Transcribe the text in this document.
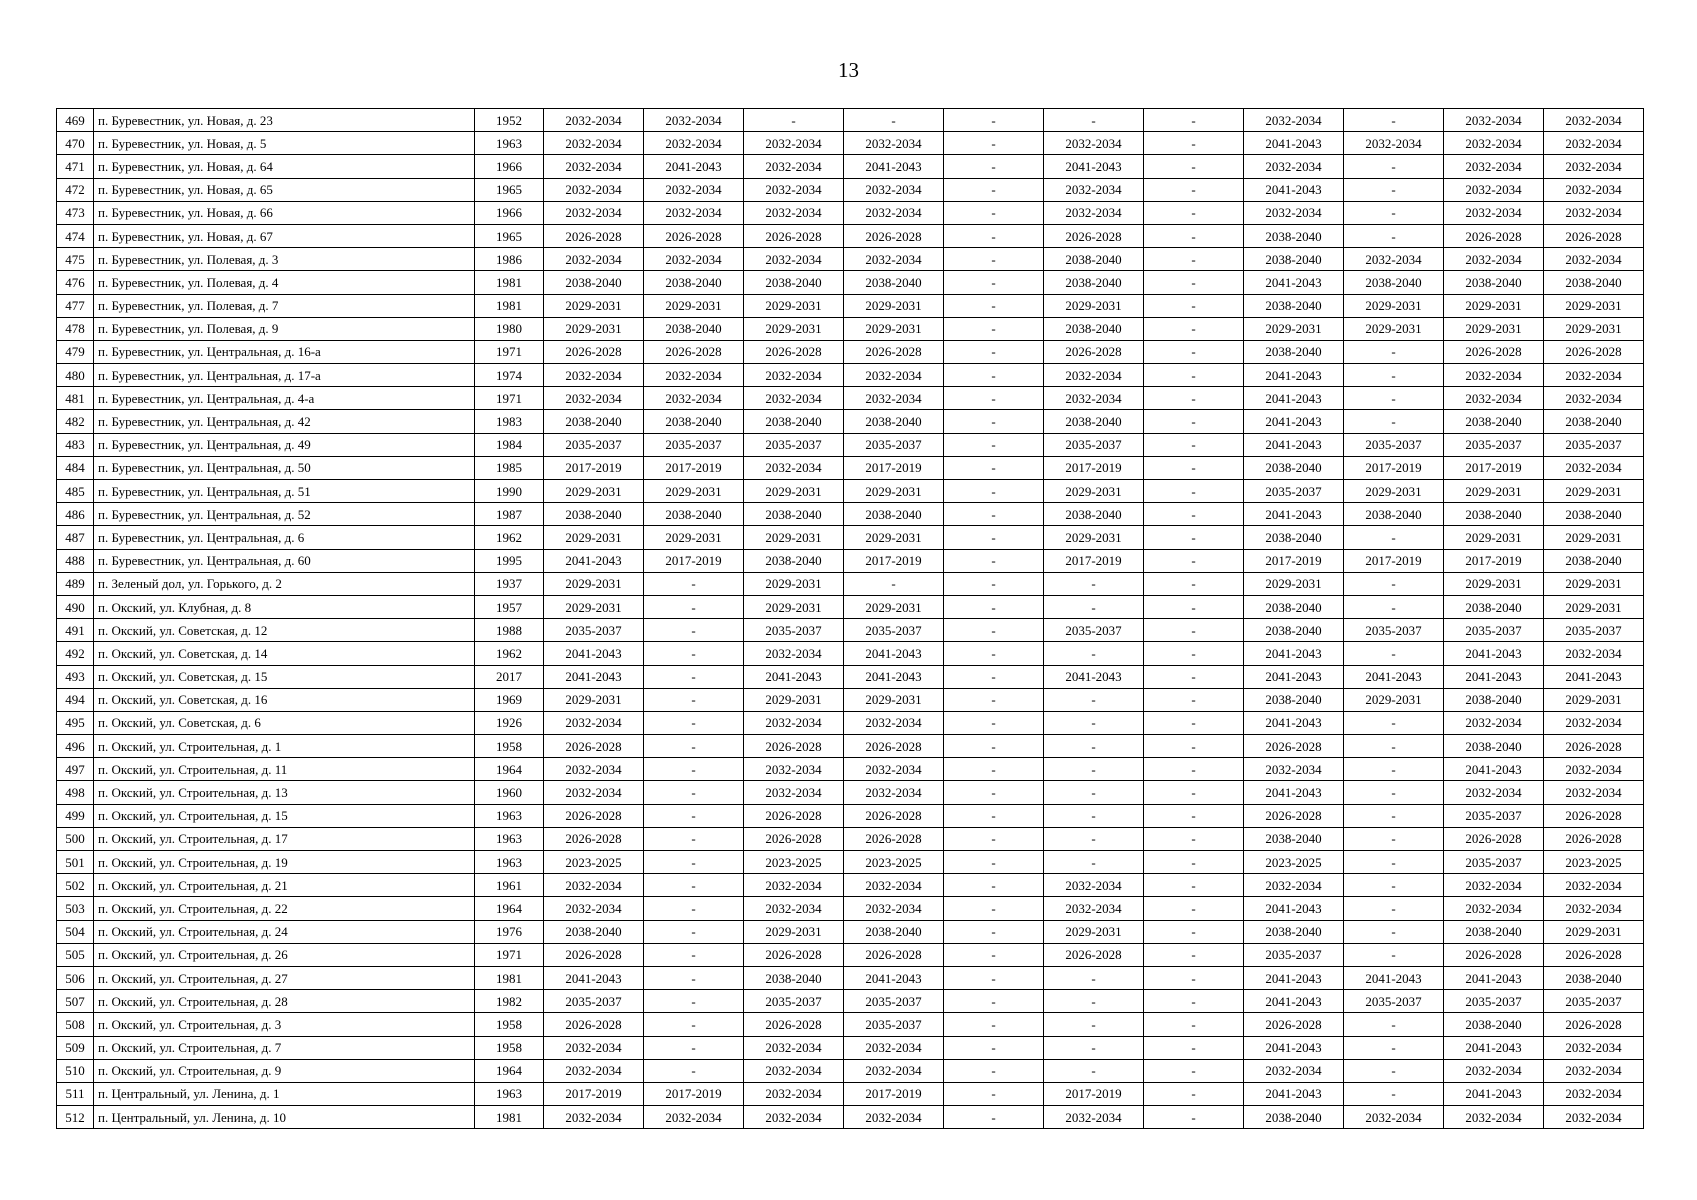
13
469	п. Буревестник, ул. Новая, д. 23	1952	2032-2034	2032-2034	-	-	-	-	-	2032-2034	-	2032-2034	2032-2034
470	п. Буревестник, ул. Новая, д. 5	1963	2032-2034	2032-2034	2032-2034	2032-2034	-	2032-2034	-	2041-2043	2032-2034	2032-2034	2032-2034
471	п. Буревестник, ул. Новая, д. 64	1966	2032-2034	2041-2043	2032-2034	2041-2043	-	2041-2043	-	2032-2034	-	2032-2034	2032-2034
472	п. Буревестник, ул. Новая, д. 65	1965	2032-2034	2032-2034	2032-2034	2032-2034	-	2032-2034	-	2041-2043	-	2032-2034	2032-2034
473	п. Буревестник, ул. Новая, д. 66	1966	2032-2034	2032-2034	2032-2034	2032-2034	-	2032-2034	-	2032-2034	-	2032-2034	2032-2034
474	п. Буревестник, ул. Новая, д. 67	1965	2026-2028	2026-2028	2026-2028	2026-2028	-	2026-2028	-	2038-2040	-	2026-2028	2026-2028
475	п. Буревестник, ул. Полевая, д. 3	1986	2032-2034	2032-2034	2032-2034	2032-2034	-	2038-2040	-	2038-2040	2032-2034	2032-2034	2032-2034
476	п. Буревестник, ул. Полевая, д. 4	1981	2038-2040	2038-2040	2038-2040	2038-2040	-	2038-2040	-	2041-2043	2038-2040	2038-2040	2038-2040
477	п. Буревестник, ул. Полевая, д. 7	1981	2029-2031	2029-2031	2029-2031	2029-2031	-	2029-2031	-	2038-2040	2029-2031	2029-2031	2029-2031
478	п. Буревестник, ул. Полевая, д. 9	1980	2029-2031	2038-2040	2029-2031	2029-2031	-	2038-2040	-	2029-2031	2029-2031	2029-2031	2029-2031
479	п. Буревестник, ул. Центральная, д. 16-а	1971	2026-2028	2026-2028	2026-2028	2026-2028	-	2026-2028	-	2038-2040	-	2026-2028	2026-2028
480	п. Буревестник, ул. Центральная, д. 17-а	1974	2032-2034	2032-2034	2032-2034	2032-2034	-	2032-2034	-	2041-2043	-	2032-2034	2032-2034
481	п. Буревестник, ул. Центральная, д. 4-а	1971	2032-2034	2032-2034	2032-2034	2032-2034	-	2032-2034	-	2041-2043	-	2032-2034	2032-2034
482	п. Буревестник, ул. Центральная, д. 42	1983	2038-2040	2038-2040	2038-2040	2038-2040	-	2038-2040	-	2041-2043	-	2038-2040	2038-2040
483	п. Буревестник, ул. Центральная, д. 49	1984	2035-2037	2035-2037	2035-2037	2035-2037	-	2035-2037	-	2041-2043	2035-2037	2035-2037	2035-2037
484	п. Буревестник, ул. Центральная, д. 50	1985	2017-2019	2017-2019	2032-2034	2017-2019	-	2017-2019	-	2038-2040	2017-2019	2017-2019	2032-2034
485	п. Буревестник, ул. Центральная, д. 51	1990	2029-2031	2029-2031	2029-2031	2029-2031	-	2029-2031	-	2035-2037	2029-2031	2029-2031	2029-2031
486	п. Буревестник, ул. Центральная, д. 52	1987	2038-2040	2038-2040	2038-2040	2038-2040	-	2038-2040	-	2041-2043	2038-2040	2038-2040	2038-2040
487	п. Буревестник, ул. Центральная, д. 6	1962	2029-2031	2029-2031	2029-2031	2029-2031	-	2029-2031	-	2038-2040	-	2029-2031	2029-2031
488	п. Буревестник, ул. Центральная, д. 60	1995	2041-2043	2017-2019	2038-2040	2017-2019	-	2017-2019	-	2017-2019	2017-2019	2017-2019	2038-2040
489	п. Зеленый дол, ул. Горького, д. 2	1937	2029-2031	-	2029-2031	-	-	-	-	2029-2031	-	2029-2031	2029-2031
490	п. Окский, ул. Клубная, д. 8	1957	2029-2031	-	2029-2031	2029-2031	-	-	-	2038-2040	-	2038-2040	2029-2031
491	п. Окский, ул. Советская, д. 12	1988	2035-2037	-	2035-2037	2035-2037	-	2035-2037	-	2038-2040	2035-2037	2035-2037	2035-2037
492	п. Окский, ул. Советская, д. 14	1962	2041-2043	-	2032-2034	2041-2043	-	-	-	2041-2043	-	2041-2043	2032-2034
493	п. Окский, ул. Советская, д. 15	2017	2041-2043	-	2041-2043	2041-2043	-	2041-2043	-	2041-2043	2041-2043	2041-2043	2041-2043
494	п. Окский, ул. Советская, д. 16	1969	2029-2031	-	2029-2031	2029-2031	-	-	-	2038-2040	2029-2031	2038-2040	2029-2031
495	п. Окский, ул. Советская, д. 6	1926	2032-2034	-	2032-2034	2032-2034	-	-	-	2041-2043	-	2032-2034	2032-2034
496	п. Окский, ул. Строительная, д. 1	1958	2026-2028	-	2026-2028	2026-2028	-	-	-	2026-2028	-	2038-2040	2026-2028
497	п. Окский, ул. Строительная, д. 11	1964	2032-2034	-	2032-2034	2032-2034	-	-	-	2032-2034	-	2041-2043	2032-2034
498	п. Окский, ул. Строительная, д. 13	1960	2032-2034	-	2032-2034	2032-2034	-	-	-	2041-2043	-	2032-2034	2032-2034
499	п. Окский, ул. Строительная, д. 15	1963	2026-2028	-	2026-2028	2026-2028	-	-	-	2026-2028	-	2035-2037	2026-2028
500	п. Окский, ул. Строительная, д. 17	1963	2026-2028	-	2026-2028	2026-2028	-	-	-	2038-2040	-	2026-2028	2026-2028
501	п. Окский, ул. Строительная, д. 19	1963	2023-2025	-	2023-2025	2023-2025	-	-	-	2023-2025	-	2035-2037	2023-2025
502	п. Окский, ул. Строительная, д. 21	1961	2032-2034	-	2032-2034	2032-2034	-	2032-2034	-	2032-2034	-	2032-2034	2032-2034
503	п. Окский, ул. Строительная, д. 22	1964	2032-2034	-	2032-2034	2032-2034	-	2032-2034	-	2041-2043	-	2032-2034	2032-2034
504	п. Окский, ул. Строительная, д. 24	1976	2038-2040	-	2029-2031	2038-2040	-	2029-2031	-	2038-2040	-	2038-2040	2029-2031
505	п. Окский, ул. Строительная, д. 26	1971	2026-2028	-	2026-2028	2026-2028	-	2026-2028	-	2035-2037	-	2026-2028	2026-2028
506	п. Окский, ул. Строительная, д. 27	1981	2041-2043	-	2038-2040	2041-2043	-	-	-	2041-2043	2041-2043	2041-2043	2038-2040
507	п. Окский, ул. Строительная, д. 28	1982	2035-2037	-	2035-2037	2035-2037	-	-	-	2041-2043	2035-2037	2035-2037	2035-2037
508	п. Окский, ул. Строительная, д. 3	1958	2026-2028	-	2026-2028	2035-2037	-	-	-	2026-2028	-	2038-2040	2026-2028
509	п. Окский, ул. Строительная, д. 7	1958	2032-2034	-	2032-2034	2032-2034	-	-	-	2041-2043	-	2041-2043	2032-2034
510	п. Окский, ул. Строительная, д. 9	1964	2032-2034	-	2032-2034	2032-2034	-	-	-	2032-2034	-	2032-2034	2032-2034
511	п. Центральный, ул. Ленина, д. 1	1963	2017-2019	2017-2019	2032-2034	2017-2019	-	2017-2019	-	2041-2043	-	2041-2043	2032-2034
512	п. Центральный, ул. Ленина, д. 10	1981	2032-2034	2032-2034	2032-2034	2032-2034	-	2032-2034	-	2038-2040	2032-2034	2032-2034	2032-2034
